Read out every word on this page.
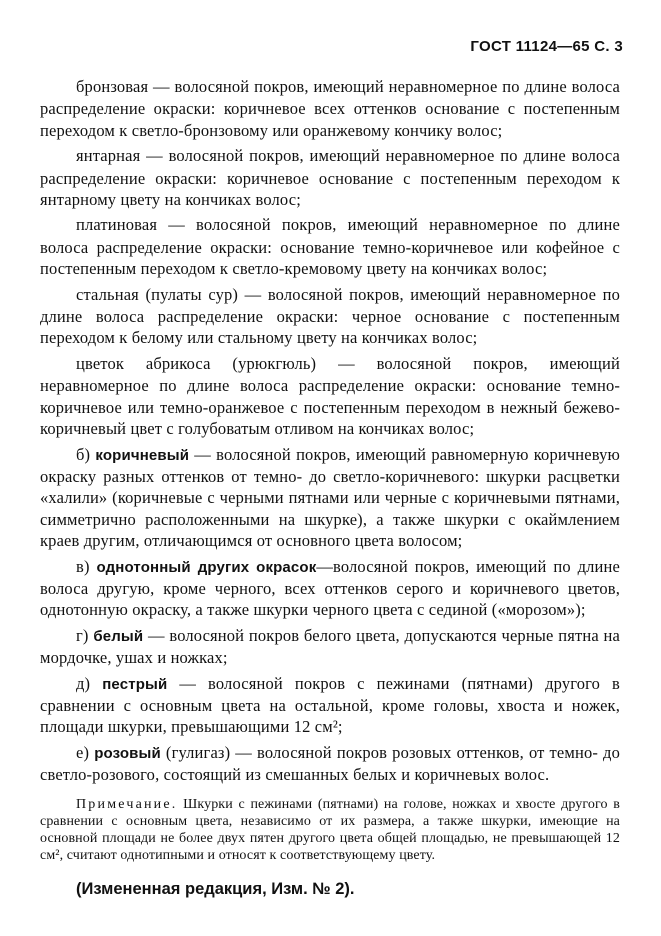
ГОСТ 11124—65 С. 3

бронзовая — волосяной покров, имеющий неравномерное по длине волоса распределение окраски: коричневое всех оттенков основание с постепенным переходом к светло-бронзовому или оранжевому кончику волос;

янтарная — волосяной покров, имеющий неравномерное по длине волоса распределение окраски: коричневое основание с постепенным переходом к янтарному цвету на кончиках волос;

платиновая — волосяной покров, имеющий неравномерное по длине волоса распределение окраски: основание темно-коричневое или кофейное с постепенным переходом к светло-кремовому цвету на кончиках волос;

стальная (пулаты сур) — волосяной покров, имеющий неравномерное по длине волоса распределение окраски: черное основание с постепенным переходом к белому или стальному цвету на кончиках волос;

цветок абрикоса (урюкгюль) — волосяной покров, имеющий неравномерное по длине волоса распределение окраски: основание темно-коричневое или темно-оранжевое с постепенным переходом в нежный бежево-коричневый цвет с голубоватым отливом на кончиках волос;

б) коричневый — волосяной покров, имеющий равномерную коричневую окраску разных оттенков от темно- до светло-коричневого: шкурки расцветки «халили» (коричневые с черными пятнами или черные с коричневыми пятнами, симметрично расположенными на шкурке), а также шкурки с окаймлением краев другим, отличающимся от основного цвета волосом;

в) однотонный других окрасок—волосяной покров, имеющий по длине волоса другую, кроме черного, всех оттенков серого и коричневого цветов, однотонную окраску, а также шкурки черного цвета с сединой («морозом»);

г) белый — волосяной покров белого цвета, допускаются черные пятна на мордочке, ушах и ножках;

д) пестрый — волосяной покров с пежинами (пятнами) другого в сравнении с основным цвета на остальной, кроме головы, хвоста и ножек, площади шкурки, превышающими 12 см²;

е) розовый (гулигаз) — волосяной покров розовых оттенков, от темно- до светло-розового, состоящий из смешанных белых и коричневых волос.

Примечание. Шкурки с пежинами (пятнами) на голове, ножках и хвосте другого в сравнении с основным цвета, независимо от их размера, а также шкурки, имеющие на основной площади не более двух пятен другого цвета общей площадью, не превышающей 12 см², считают однотипными и относят к соответствующему цвету.

(Измененная редакция, Изм. № 2).
